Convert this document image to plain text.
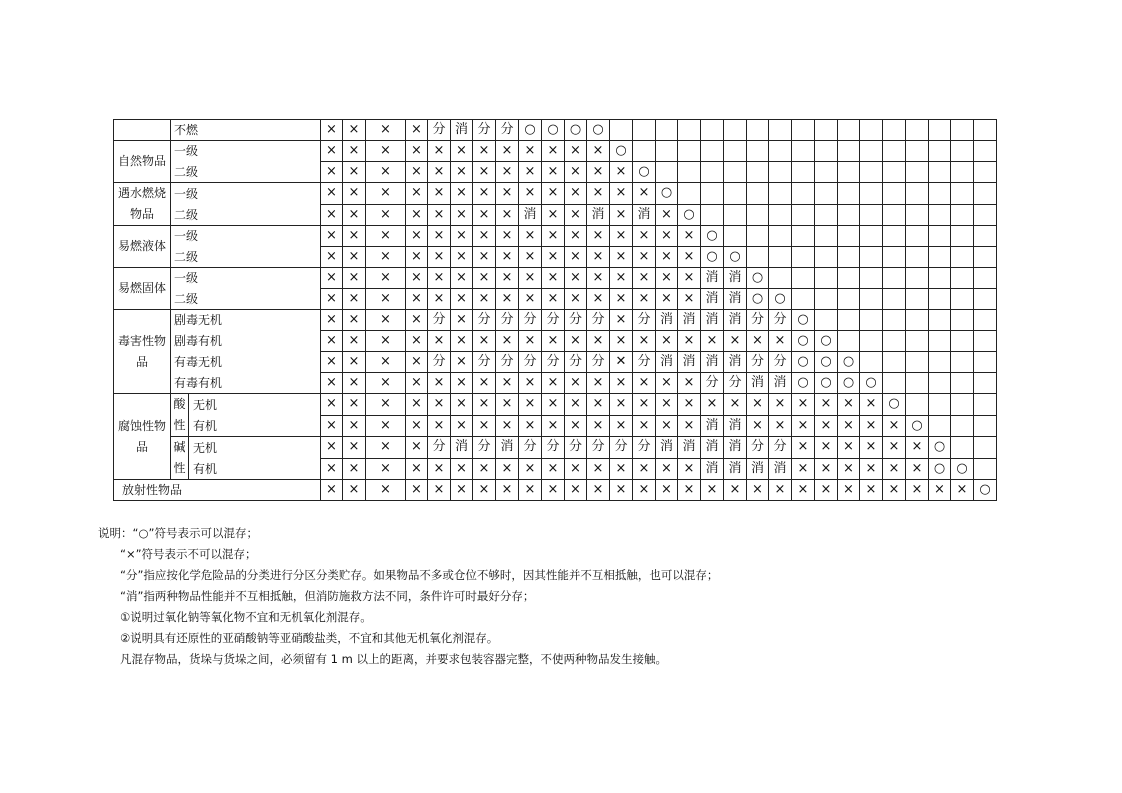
	不燃		×	×	×	×	分	消	分	分	○	○	○	○																	
自然物品	一级		×	×	×	×	×	×	×	×	×	×	×	×	○																
	二级		×	×	×	×	×	×	×	×	×	×	×	×	×	○															
遇水燃烧物品	一级		×	×	×	×	×	×	×	×	×	×	×	×	×	×	○														
	二级		×	×	×	×	×	×	×	×	消	×	×	消	×	消	×	○													
易燃液体	一级		×	×	×	×	×	×	×	×	×	×	×	×	×	×	×	×	○												
	二级		×	×	×	×	×	×	×	×	×	×	×	×	×	×	×	×	○	○											
易燃固体	一级		×	×	×	×	×	×	×	×	×	×	×	×	×	×	×	×	消	消	○										
	二级		×	×	×	×	×	×	×	×	×	×	×	×	×	×	×	×	消	消	○	○									
毒害性物品	剧毒无机		×	×	×	×	分	×	分	分	分	分	分	分	×	分	消	消	消	消	分	分	○								
	剧毒有机		×	×	×	×	×	×	×	×	×	×	×	×	×	×	×	×	×	×	×	×	○	○							
	有毒无机		×	×	×	×	分	×	分	分	分	分	分	分	✕	分	消	消	消	消	分	分	○	○	○						
	有毒有机		×	×	×	×	×	×	×	×	×	×	×	×	×	×	×	×	分	分	消	消	○	○	○	○					
腐蚀性物品	酸性	无机	×	×	×	×	×	×	×	×	×	×	×	×	×	×	×	×	×	×	×	×	×	×	×	×	○				
		有机	×	×	×	×	×	×	×	×	×	×	×	×	×	×	×	×	消	消	×	×	×	×	×	×	×	○			
	碱性	无机	×	×	×	×	分	消	分	消	分	分	分	分	分	分	消	消	消	消	分	分	×	×	×	×	×	×	○		
		有机	×	×	×	×	×	×	×	×	×	×	×	×	×	×	×	×	消	消	消	消	×	×	×	×	×	×	○	○	
放射性物品			×	×	×	×	×	×	×	×	×	×	×	×	×	×	×	×	×	×	×	×	×	×	×	×	×	×	×	×	○
说明：“○”符号表示可以混存；
“×”符号表示不可以混存；
“分”指应按化学危险品的分类进行分区分类贮存。如果物品不多或仓位不够时，因其性能并不互相抵触，也可以混存；
“消”指两种物品性能并不互相抵触，但消防施救方法不同，条件许可时最好分存；
①说明过氧化钠等氧化物不宜和无机氧化剂混存。
②说明具有还原性的亚硝酸钠等亚硝酸盐类，不宜和其他无机氧化剂混存。
凡混存物品，货垛与货垛之间，必须留有 1 m 以上的距离，并要求包装容器完整，不使两种物品发生接触。
